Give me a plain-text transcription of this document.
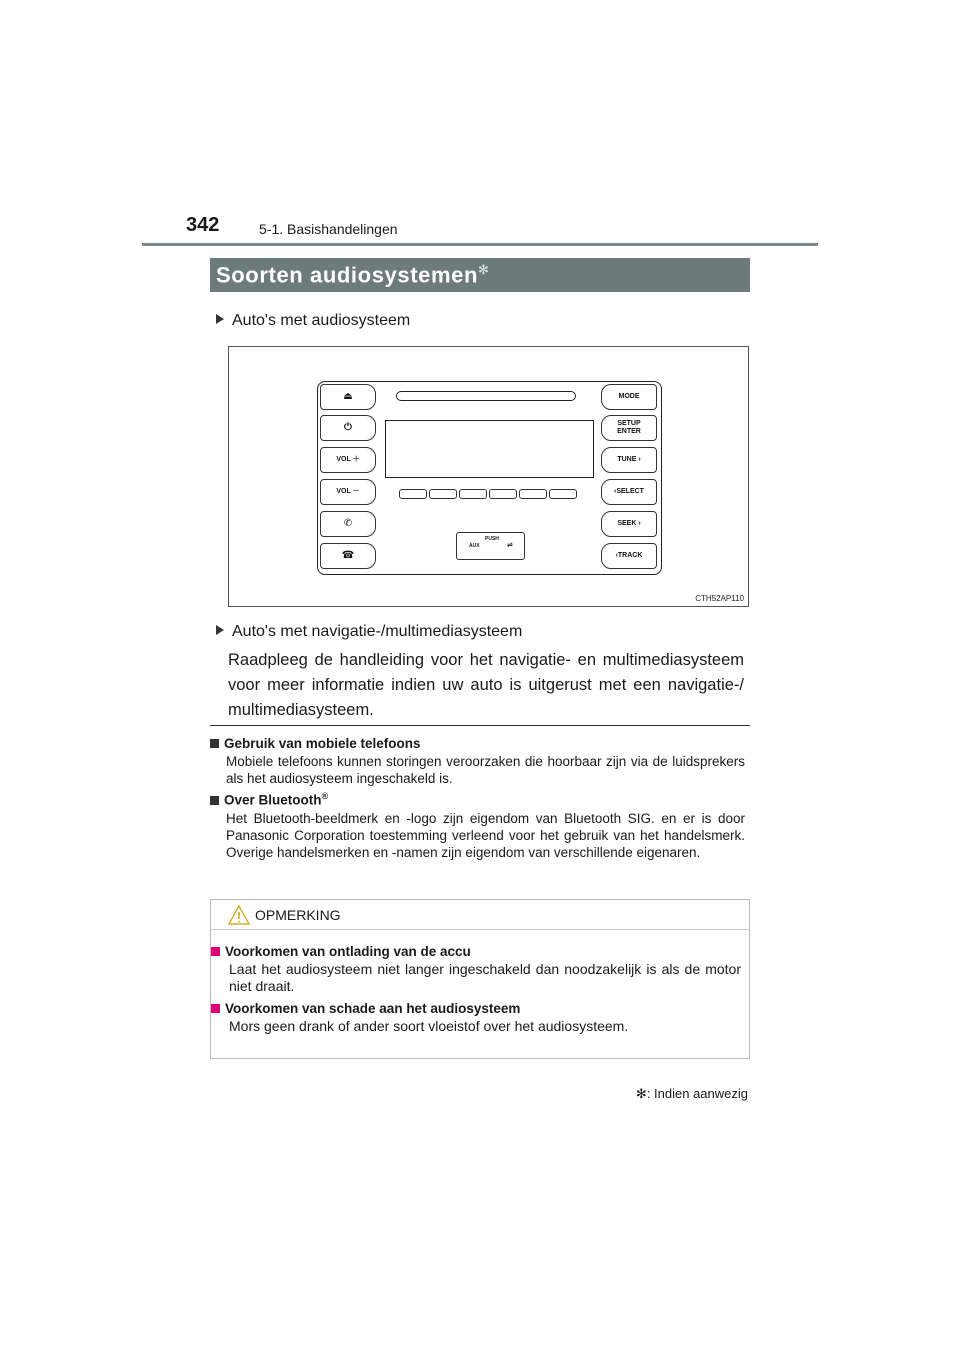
342	5-1. Basishandelingen
Soorten audiosystemen✻
Auto's met audiosysteem
⏏
⏻
VOL ＋
VOL －
✆
☎
MODE
SETUP
ENTER
TUNE ›
‹SELECT
SEEK ›
‹TRACK
PUSH
AUX	⇌
CTH52AP110
Auto's met navigatie-/multimediasysteem
Raadpleeg de handleiding voor het navigatie- en multimediasysteem voor meer informatie indien uw auto is uitgerust met een navigatie-/ multimediasysteem.
Gebruik van mobiele telefoons
Mobiele telefoons kunnen storingen veroorzaken die hoorbaar zijn via de luidsprekers als het audiosysteem ingeschakeld is.
Over Bluetooth®
Het Bluetooth-beeldmerk en -logo zijn eigendom van Bluetooth SIG. en er is door Panasonic Corporation toestemming verleend voor het gebruik van het handelsmerk. Overige handelsmerken en -namen zijn eigendom van verschillende eigenaren.
OPMERKING
Voorkomen van ontlading van de accu
Laat het audiosysteem niet langer ingeschakeld dan noodzakelijk is als de motor niet draait.
Voorkomen van schade aan het audiosysteem
Mors geen drank of ander soort vloeistof over het audiosysteem.
✻: Indien aanwezig
